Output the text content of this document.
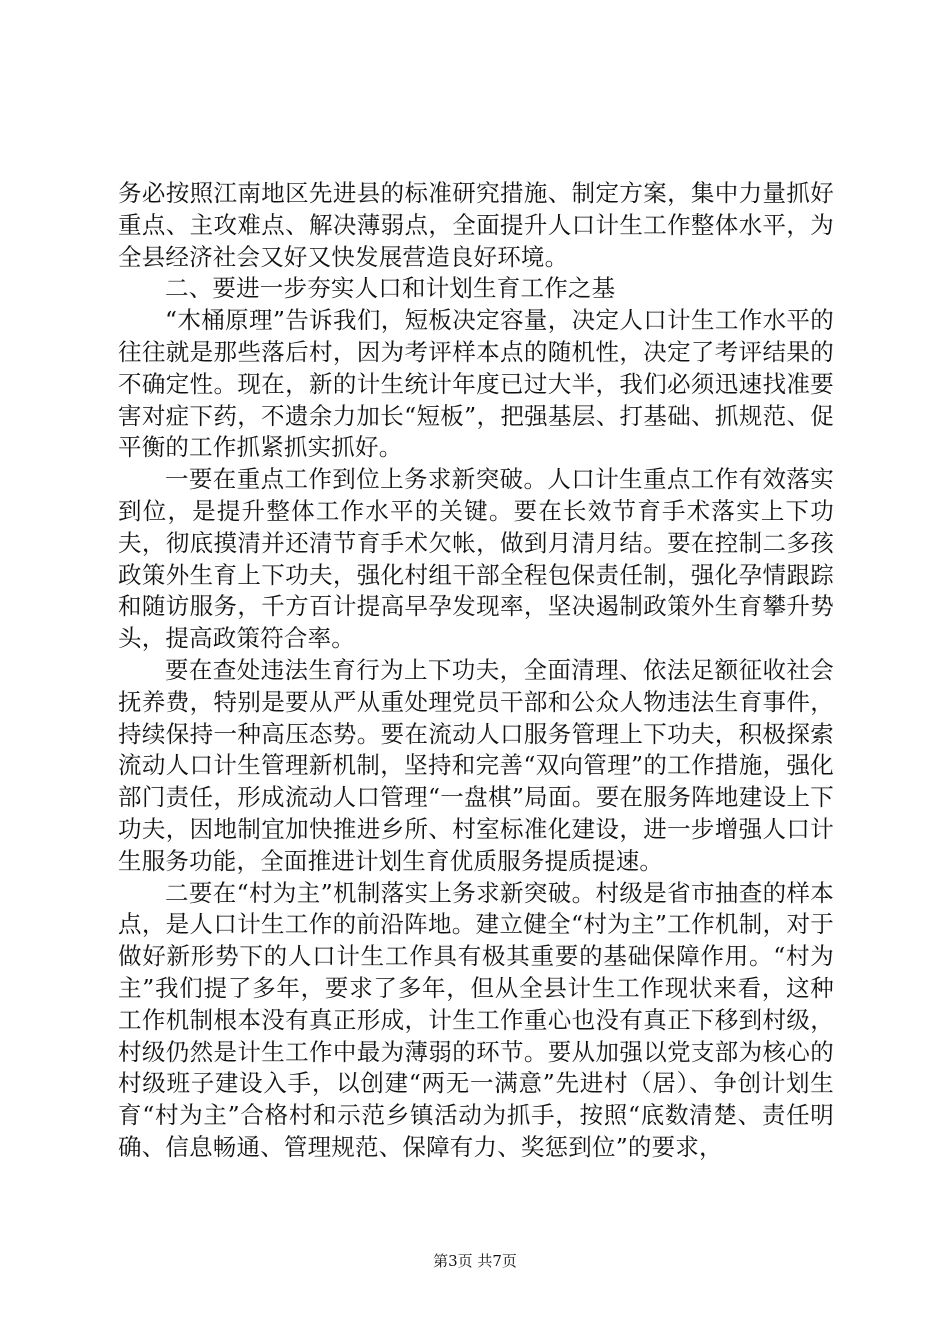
务必按照江南地区先进县的标准研究措施、制定方案，集中力量抓好重点、主攻难点、解决薄弱点，全面提升人口计生工作整体水平，为全县经济社会又好又快发展营造良好环境。

二、要进一步夯实人口和计划生育工作之基

“木桶原理”告诉我们，短板决定容量，决定人口计生工作水平的往往就是那些落后村，因为考评样本点的随机性，决定了考评结果的不确定性。现在，新的计生统计年度已过大半，我们必须迅速找准要害对症下药，不遗余力加长“短板”，把强基层、打基础、抓规范、促平衡的工作抓紧抓实抓好。

一要在重点工作到位上务求新突破。人口计生重点工作有效落实到位，是提升整体工作水平的关键。要在长效节育手术落实上下功夫，彻底摸清并还清节育手术欠帐，做到月清月结。要在控制二多孩政策外生育上下功夫，强化村组干部全程包保责任制，强化孕情跟踪和随访服务，千方百计提高早孕发现率，坚决遏制政策外生育攀升势头，提高政策符合率。

要在查处违法生育行为上下功夫，全面清理、依法足额征收社会抚养费，特别是要从严从重处理党员干部和公众人物违法生育事件，持续保持一种高压态势。要在流动人口服务管理上下功夫，积极探索流动人口计生管理新机制，坚持和完善“双向管理”的工作措施，强化部门责任，形成流动人口管理“一盘棋”局面。要在服务阵地建设上下功夫，因地制宜加快推进乡所、村室标准化建设，进一步增强人口计生服务功能，全面推进计划生育优质服务提质提速。

二要在“村为主”机制落实上务求新突破。村级是省市抽查的样本点，是人口计生工作的前沿阵地。建立健全“村为主”工作机制，对于做好新形势下的人口计生工作具有极其重要的基础保障作用。“村为主”我们提了多年，要求了多年，但从全县计生工作现状来看，这种工作机制根本没有真正形成，计生工作重心也没有真正下移到村级，村级仍然是计生工作中最为薄弱的环节。要从加强以党支部为核心的村级班子建设入手，以创建“两无一满意”先进村（居）、争创计划生育“村为主”合格村和示范乡镇活动为抓手，按照“底数清楚、责任明确、信息畅通、管理规范、保障有力、奖惩到位”的要求，

第3页 共7页
